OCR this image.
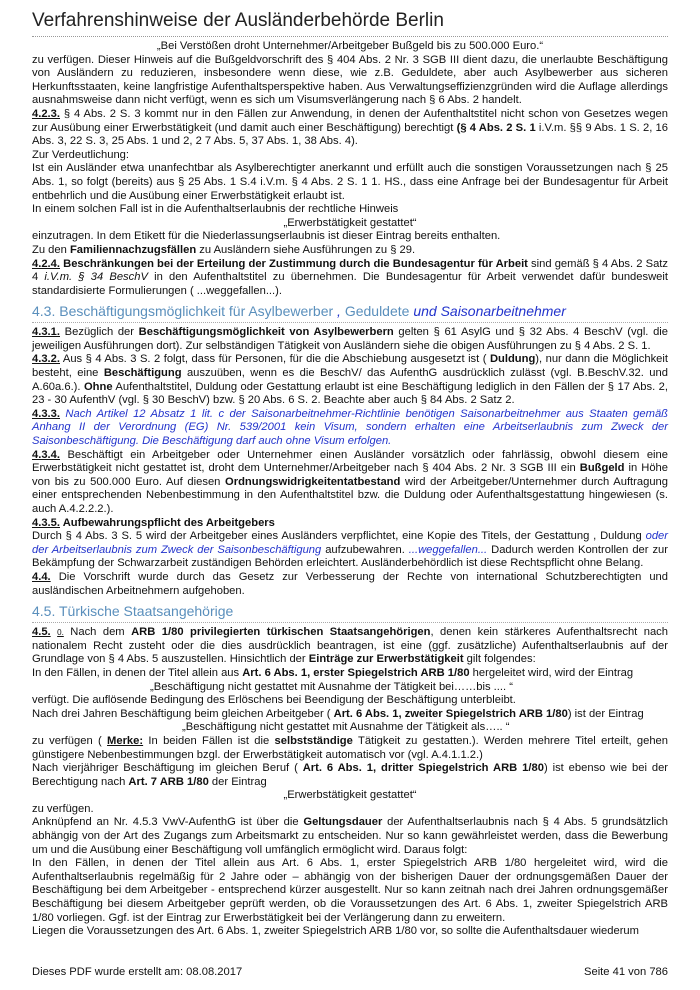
Verfahrenshinweise der Ausländerbehörde Berlin

„Bei Verstößen droht Unternehmer/Arbeitgeber Bußgeld bis zu 500.000 Euro.“

zu verfügen. Dieser Hinweis auf die Bußgeldvorschrift des § 404 Abs. 2 Nr. 3 SGB III dient dazu, die unerlaubte Beschäftigung von Ausländern zu reduzieren, insbesondere wenn diese, wie z.B. Geduldete, aber auch Asylbewerber aus sicheren Herkunftsstaaten, keine langfristige Aufenthaltsperspektive haben. Aus Verwaltungseffizienzgründen wird die Auflage allerdings ausnahmsweise dann nicht verfügt, wenn es sich um Visumsverlängerung nach § 6 Abs. 2 handelt.

4.2.3. § 4 Abs. 2 S. 3 kommt nur in den Fällen zur Anwendung, in denen der Aufenthaltstitel nicht schon von Gesetzes wegen zur Ausübung einer Erwerbstätigkeit (und damit auch einer Beschäftigung) berechtigt (§ 4 Abs. 2 S. 1 i.V.m. §§ 9 Abs. 1 S. 2, 16 Abs. 3, 22 S. 3, 25 Abs. 1 und 2, 2 7 Abs. 5, 37 Abs. 1, 38 Abs. 4).

Zur Verdeutlichung:

Ist ein Ausländer etwa unanfechtbar als Asylberechtigter anerkannt und erfüllt auch die sonstigen Voraussetzungen nach § 25 Abs. 1, so folgt (bereits) aus § 25 Abs. 1 S.4 i.V.m. § 4 Abs. 2 S. 1 1. HS., dass eine Anfrage bei der Bundesagentur für Arbeit entbehrlich und die Ausübung einer Erwerbstätigkeit erlaubt ist.

In einem solchen Fall ist in die Aufenthaltserlaubnis der rechtliche Hinweis

„Erwerbstätigkeit gestattet“

einzutragen. In dem Etikett für die Niederlassungserlaubnis ist dieser Eintrag bereits enthalten.

Zu den Familiennachzugsfällen zu Ausländern siehe Ausführungen zu § 29.

4.2.4. Beschränkungen bei der Erteilung der Zustimmung durch die Bundesagentur für Arbeit sind gemäß § 4 Abs. 2 Satz 4 i.V.m. § 34 BeschV in den Aufenthaltstitel zu übernehmen. Die Bundesagentur für Arbeit verwendet dafür bundesweit standardisierte Formulierungen ( ...weggefallen...).

4.3. Beschäftigungsmöglichkeit für Asylbewerber , Geduldete und Saisonarbeitnehmer

4.3.1. Bezüglich der Beschäftigungsmöglichkeit von Asylbewerbern gelten § 61 AsylG und § 32 Abs. 4 BeschV (vgl. die jeweiligen Ausführungen dort). Zur selbständigen Tätigkeit von Ausländern siehe die obigen Ausführungen zu § 4 Abs. 2 S. 1.

4.3.2. Aus § 4 Abs. 3 S. 2 folgt, dass für Personen, für die die Abschiebung ausgesetzt ist ( Duldung), nur dann die Möglichkeit besteht, eine Beschäftigung auszuüben, wenn es die BeschV/ das AufenthG ausdrücklich zulässt (vgl. B.BeschV.32. und A.60a.6.). Ohne Aufenthaltstitel, Duldung oder Gestattung erlaubt ist eine Beschäftigung lediglich in den Fällen der § 17 Abs. 2, 23 - 30 AufenthV (vgl. § 30 BeschV) bzw. § 20 Abs. 6 S. 2. Beachte aber auch § 84 Abs. 2 Satz 2.

4.3.3. Nach Artikel 12 Absatz 1 lit. c der Saisonarbeitnehmer-Richtlinie benötigen Saisonarbeitnehmer aus Staaten gemäß Anhang II der Verordnung (EG) Nr. 539/2001 kein Visum, sondern erhalten eine Arbeitserlaubnis zum Zweck der Saisonbeschäftigung. Die Beschäftigung darf auch ohne Visum erfolgen.

4.3.4. Beschäftigt ein Arbeitgeber oder Unternehmer einen Ausländer vorsätzlich oder fahrlässig, obwohl diesem eine Erwerbstätigkeit nicht gestattet ist, droht dem Unternehmer/Arbeitgeber nach § 404 Abs. 2 Nr. 3 SGB III ein Bußgeld in Höhe von bis zu 500.000 Euro. Auf diesen Ordnungswidrigkeitentatbestand wird der Arbeitgeber/Unternehmer durch Auftragung einer entsprechenden Nebenbestimmung in den Aufenthaltstitel bzw. die Duldung oder Aufenthaltsgestattung hingewiesen (s. auch A.4.2.2.2.).

4.3.5. Aufbewahrungspflicht des Arbeitgebers

Durch § 4 Abs. 3 S. 5 wird der Arbeitgeber eines Ausländers verpflichtet, eine Kopie des Titels, der Gestattung , Duldung oder der Arbeitserlaubnis zum Zweck der Saisonbeschäftigung aufzubewahren. ...weggefallen... Dadurch werden Kontrollen der zur Bekämpfung der Schwarzarbeit zuständigen Behörden erleichtert. Ausländerbehördlich ist diese Rechtspflicht ohne Belang.

4.4. Die Vorschrift wurde durch das Gesetz zur Verbesserung der Rechte von international Schutzberechtigten und ausländischen Arbeitnehmern aufgehoben.

4.5. Türkische Staatsangehörige

4.5. 0. Nach dem ARB 1/80 privilegierten türkischen Staatsangehörigen, denen kein stärkeres Aufenthaltsrecht nach nationalem Recht zusteht oder die dies ausdrücklich beantragen, ist eine (ggf. zusätzliche) Aufenthaltserlaubnis auf der Grundlage von § 4 Abs. 5 auszustellen. Hinsichtlich der Einträge zur Erwerbstätigkeit gilt folgendes:

In den Fällen, in denen der Titel allein aus Art. 6 Abs. 1, erster Spiegelstrich ARB 1/80 hergeleitet wird, wird der Eintrag

„Beschäftigung nicht gestattet mit Ausnahme der Tätigkeit bei……bis .... “

verfügt. Die auflösende Bedingung des Erlöschens bei Beendigung der Beschäftigung unterbleibt.

Nach drei Jahren Beschäftigung beim gleichen Arbeitgeber ( Art. 6 Abs. 1, zweiter Spiegelstrich ARB 1/80) ist der Eintrag

„Beschäftigung nicht gestattet mit Ausnahme der Tätigkeit als….. “

zu verfügen ( Merke: In beiden Fällen ist die selbstständige Tätigkeit zu gestatten.). Werden mehrere Titel erteilt, gehen günstigere Nebenbestimmungen bzgl. der Erwerbstätigkeit automatisch vor (vgl. A.4.1.1.2.)

Nach vierjähriger Beschäftigung im gleichen Beruf ( Art. 6 Abs. 1, dritter Spiegelstrich ARB 1/80) ist ebenso wie bei der Berechtigung nach Art. 7 ARB 1/80 der Eintrag

„Erwerbstätigkeit gestattet“

zu verfügen.

Anknüpfend an Nr. 4.5.3 VwV-AufenthG ist über die Geltungsdauer der Aufenthaltserlaubnis nach § 4 Abs. 5 grundsätzlich abhängig von der Art des Zugangs zum Arbeitsmarkt zu entscheiden. Nur so kann gewährleistet werden, dass die Bewerbung um und die Ausübung einer Beschäftigung voll umfänglich ermöglicht wird. Daraus folgt:

In den Fällen, in denen der Titel allein aus Art. 6 Abs. 1, erster Spiegelstrich ARB 1/80 hergeleitet wird, wird die Aufenthaltserlaubnis regelmäßig für 2 Jahre oder – abhängig von der bisherigen Dauer der ordnungsgemäßen Dauer der Beschäftigung bei dem Arbeitgeber - entsprechend kürzer ausgestellt. Nur so kann zeitnah nach drei Jahren ordnungsgemäßer Beschäftigung bei diesem Arbeitgeber geprüft werden, ob die Voraussetzungen des Art. 6 Abs. 1, zweiter Spiegelstrich ARB 1/80 vorliegen. Ggf. ist der Eintrag zur Erwerbstätigkeit bei der Verlängerung dann zu erweitern.

Liegen die Voraussetzungen des Art. 6 Abs. 1, zweiter Spiegelstrich ARB 1/80 vor, so sollte die Aufenthaltsdauer wiederum

Dieses PDF wurde erstellt am: 08.08.2017	Seite 41 von 786
